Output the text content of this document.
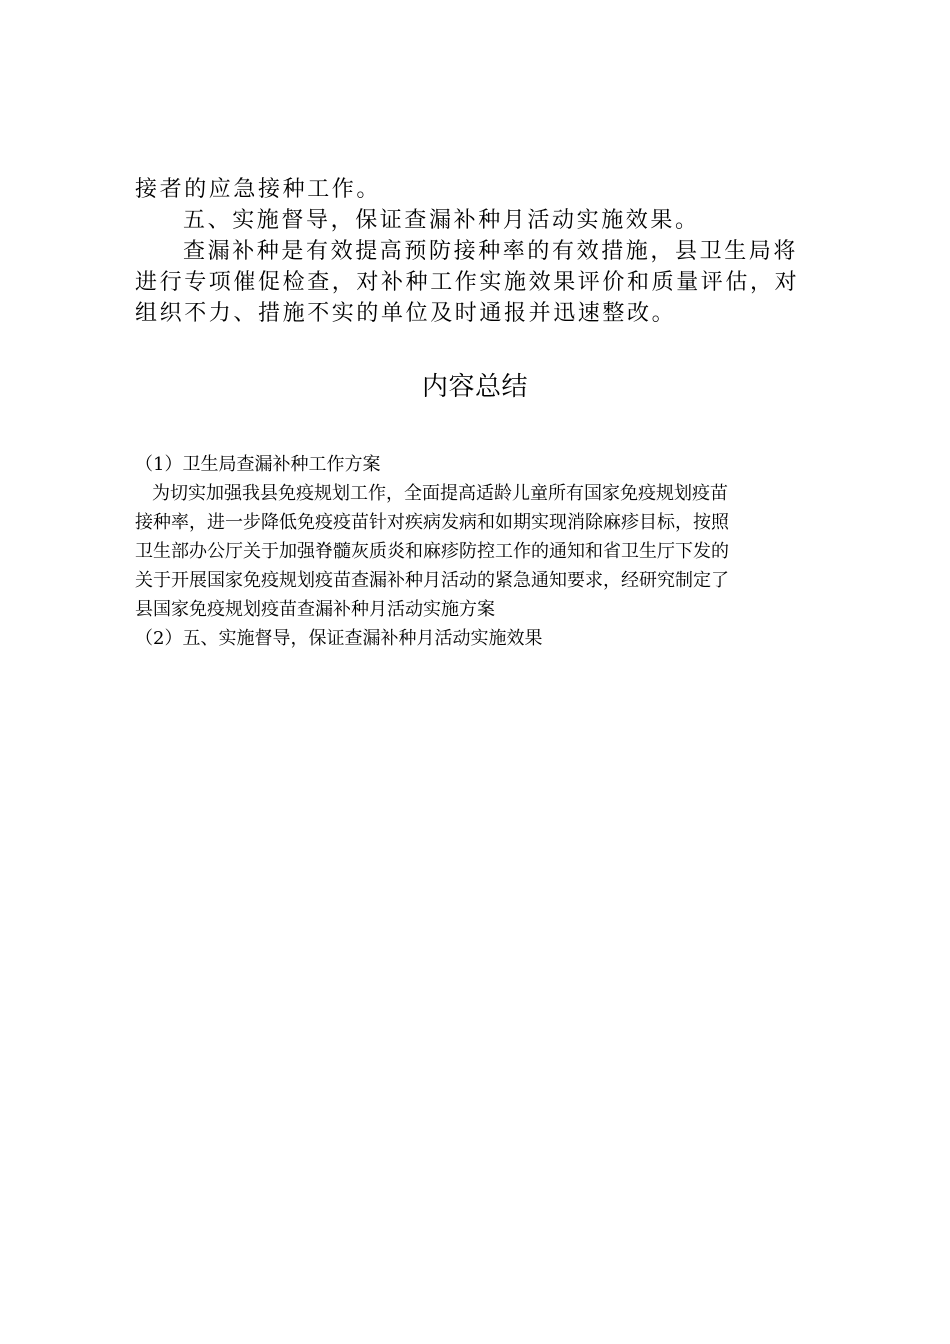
接者的应急接种工作。
五、实施督导，保证查漏补种月活动实施效果。
查漏补种是有效提高预防接种率的有效措施，县卫生局将
进行专项催促检查，对补种工作实施效果评价和质量评估，对
组织不力、措施不实的单位及时通报并迅速整改。
内容总结
（1）卫生局查漏补种工作方案
为切实加强我县免疫规划工作，全面提高适龄儿童所有国家免疫规划疫苗
接种率，进一步降低免疫疫苗针对疾病发病和如期实现消除麻疹目标，按照
卫生部办公厅关于加强脊髓灰质炎和麻疹防控工作的通知和省卫生厅下发的
关于开展国家免疫规划疫苗查漏补种月活动的紧急通知要求，经研究制定了
县国家免疫规划疫苗查漏补种月活动实施方案
（2）五、实施督导，保证查漏补种月活动实施效果
